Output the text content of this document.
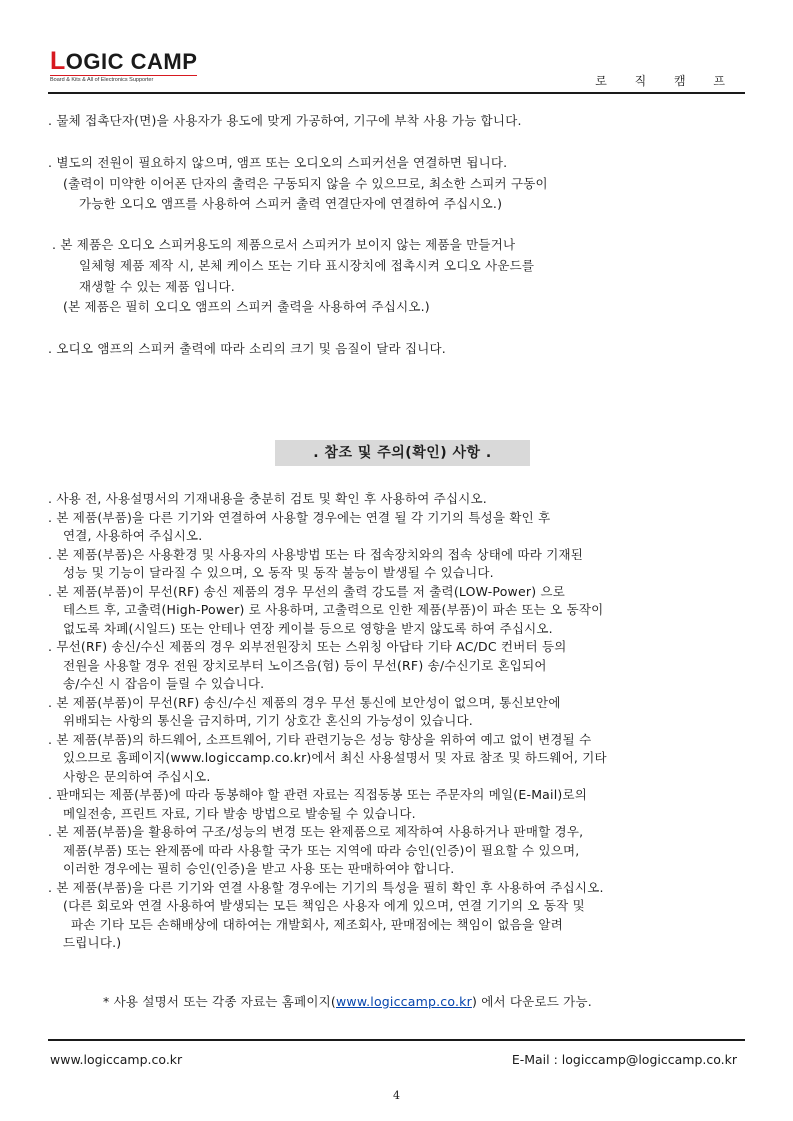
LOGIC CAMP
Board & Kits & All of Electronics Supporter	로 직 캠 프
. 물체 접촉단자(면)을 사용자가 용도에 맞게 가공하여, 기구에 부착 사용 가능 합니다.
. 별도의 전원이 필요하지 않으며, 앰프 또는 오디오의 스피커선을 연결하면 됩니다.
(출력이 미약한 이어폰 단자의 출력은 구동되지 않을 수 있으므로, 최소한 스피커 구동이
가능한 오디오 앰프를 사용하여 스피커 출력 연결단자에 연결하여 주십시오.)
. 본 제품은 오디오 스피커용도의 제품으로서 스피커가 보이지 않는 제품을 만들거나
일체형 제품 제작 시, 본체 케이스 또는 기타 표시장치에 접촉시켜 오디오 사운드를
재생할 수 있는 제품 입니다.
(본 제품은 필히 오디오 앰프의 스피커 출력을 사용하여 주십시오.)
. 오디오 앰프의 스피커 출력에 따라 소리의 크기 및 음질이 달라 집니다.
. 참조 및 주의(확인) 사항 .
. 사용 전, 사용설명서의 기재내용을 충분히 검토 및 확인 후 사용하여 주십시오.
. 본 제품(부품)을 다른 기기와 연결하여 사용할 경우에는 연결 될 각 기기의 특성을 확인 후
연결, 사용하여 주십시오.
. 본 제품(부품)은 사용환경 및 사용자의 사용방법 또는 타 접속장치와의 접속 상태에 따라 기재된
성능 및 기능이 달라질 수 있으며, 오 동작 및 동작 불능이 발생될 수 있습니다.
. 본 제품(부품)이 무선(RF) 송신 제품의 경우 무선의 출력 강도를 저 출력(LOW-Power) 으로
테스트 후, 고출력(High-Power) 로 사용하며, 고출력으로 인한 제품(부품)이 파손 또는 오 동작이
없도록 차폐(시일드) 또는 안테나 연장 케이블 등으로 영향을 받지 않도록 하여 주십시오.
. 무선(RF) 송신/수신 제품의 경우 외부전원장치 또는 스위칭 아답타 기타 AC/DC 컨버터 등의
전원을 사용할 경우 전원 장치로부터 노이즈음(험) 등이 무선(RF) 송/수신기로 혼입되어
송/수신 시 잡음이 들릴 수 있습니다.
. 본 제품(부품)이 무선(RF) 송신/수신 제품의 경우 무선 통신에 보안성이 없으며, 통신보안에
위배되는 사항의 통신을 금지하며, 기기 상호간 혼신의 가능성이 있습니다.
. 본 제품(부품)의 하드웨어, 소프트웨어, 기타 관련기능은 성능 향상을 위하여 예고 없이 변경될 수
있으므로 홈페이지(www.logiccamp.co.kr)에서 최신 사용설명서 및 자료 참조 및 하드웨어, 기타
사항은 문의하여 주십시오.
. 판매되는 제품(부품)에 따라 동봉해야 할 관련 자료는 직접동봉 또는 주문자의 메일(E-Mail)로의
메일전송, 프린트 자료, 기타 발송 방법으로 발송될 수 있습니다.
. 본 제품(부품)을 활용하여 구조/성능의 변경 또는 완제품으로 제작하여 사용하거나 판매할 경우,
제품(부품) 또는 완제품에 따라 사용할 국가 또는 지역에 따라 승인(인증)이 필요할 수 있으며,
이러한 경우에는 필히 승인(인증)을 받고 사용 또는 판매하여야 합니다.
. 본 제품(부품)을 다른 기기와 연결 사용할 경우에는 기기의 특성을 필히 확인 후 사용하여 주십시오.
(다른 회로와 연결 사용하여 발생되는 모든 책임은 사용자 에게 있으며, 연결 기기의 오 동작 및
파손 기타 모든 손해배상에 대하여는 개발회사, 제조회사, 판매점에는 책임이 없음을 알려
드립니다.)
* 사용 설명서 또는 각종 자료는 홈페이지(www.logiccamp.co.kr) 에서 다운로드 가능.
www.logiccamp.co.kr	E-Mail : logiccamp@logiccamp.co.kr
4
